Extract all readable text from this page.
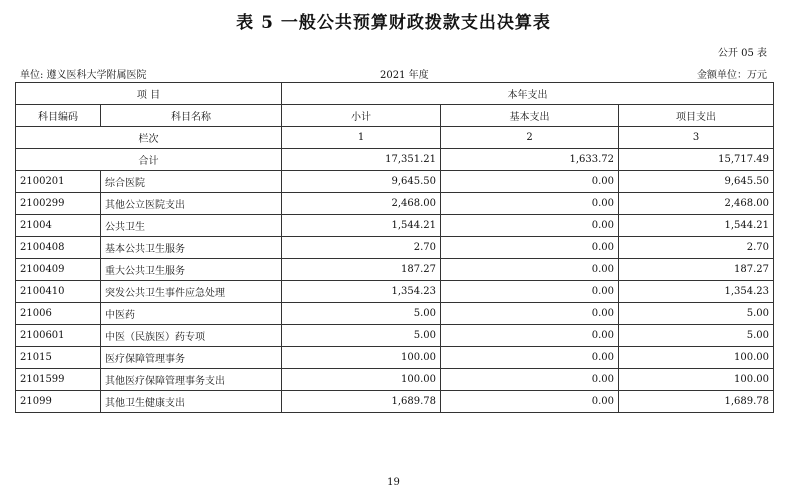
表 5 一般公共预算财政拨款支出决算表
公开 05 表
单位: 遵义医科大学附属医院	2021 年度	金额单位：万元
项 目		本年支出		
科目编码	科目名称	小计	基本支出	项目支出
栏次		1	2	3
合计		17,351.21	1,633.72	15,717.49
2100201	综合医院	9,645.50	0.00	9,645.50
2100299	其他公立医院支出	2,468.00	0.00	2,468.00
21004	公共卫生	1,544.21	0.00	1,544.21
2100408	基本公共卫生服务	2.70	0.00	2.70
2100409	重大公共卫生服务	187.27	0.00	187.27
2100410	突发公共卫生事件应急处理	1,354.23	0.00	1,354.23
21006	中医药	5.00	0.00	5.00
2100601	中医（民族医）药专项	5.00	0.00	5.00
21015	医疗保障管理事务	100.00	0.00	100.00
2101599	其他医疗保障管理事务支出	100.00	0.00	100.00
21099	其他卫生健康支出	1,689.78	0.00	1,689.78
19
